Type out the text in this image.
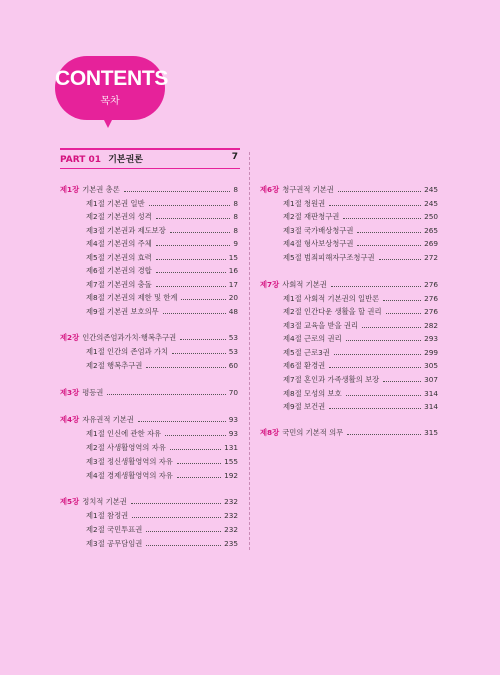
CONTENTS
목차
PART 01 기본권론	7
제1장 기본권 총론	8
제1절 기본권 일반	8
제2절 기본권의 성격	8
제3절 기본권과 제도보장	8
제4절 기본권의 주체	9
제5절 기본권의 효력	15
제6절 기본권의 경합	16
제7절 기본권의 충돌	17
제8절 기본권의 제한 및 한계	20
제9절 기본권 보호의무	48
제2장 인간의존엄과가치·행복추구권	53
제1절 인간의 존엄과 가치	53
제2절 행복추구권	60
제3장 평등권	70
제4장 자유권적 기본권	93
제1절 인신에 관한 자유	93
제2절 사생활영역의 자유	131
제3절 정신생활영역의 자유	155
제4절 경제생활영역의 자유	192
제5장 정치적 기본권	232
제1절 참정권	232
제2절 국민투표권	232
제3절 공무담임권	235
제6장 청구권적 기본권	245
제1절 청원권	245
제2절 재판청구권	250
제3절 국가배상청구권	265
제4절 형사보상청구권	269
제5절 범죄피해자구조청구권	272
제7장 사회적 기본권	276
제1절 사회적 기본권의 일반론	276
제2절 인간다운 생활을 할 권리	276
제3절 교육을 받을 권리	282
제4절 근로의 권리	293
제5절 근로3권	299
제6절 환경권	305
제7절 혼인과 가족생활의 보장	307
제8절 모성의 보호	314
제9절 보건권	314
제8장 국민의 기본적 의무	315
